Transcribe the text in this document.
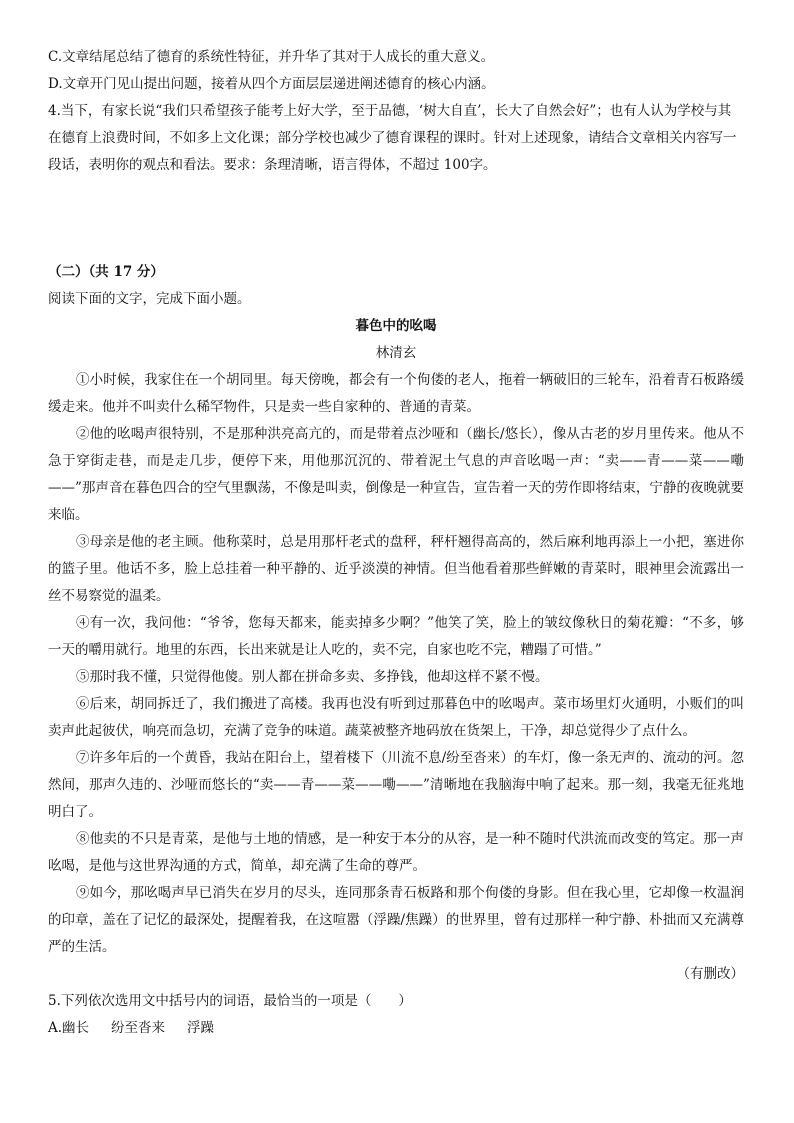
C.文章结尾总结了德育的系统性特征，并升华了其对于人成长的重大意义。

D.文章开门见山提出问题，接着从四个方面层层递进阐述德育的核心内涵。

4.当下，有家长说“我们只希望孩子能考上好大学，至于品德，‘树大自直’，长大了自然会好”；也有人认为学校与其在德育上浪费时间，不如多上文化课；部分学校也减少了德育课程的课时。针对上述现象，请结合文章相关内容写一段话，表明你的观点和看法。要求：条理清晰，语言得体，不超过 100字。

（二）（共 17 分）

阅读下面的文字，完成下面小题。

暮色中的吆喝

林清玄

①小时候，我家住在一个胡同里。每天傍晚，都会有一个佝偻的老人，拖着一辆破旧的三轮车，沿着青石板路缓缓走来。他并不叫卖什么稀罕物件，只是卖一些自家种的、普通的青菜。

②他的吆喝声很特别，不是那种洪亮高亢的，而是带着点沙哑和（幽长/悠长），像从古老的岁月里传来。他从不急于穿街走巷，而是走几步，便停下来，用他那沉沉的、带着泥土气息的声音吆喝一声：“卖——青——菜——嘞——”那声音在暮色四合的空气里飘荡，不像是叫卖，倒像是一种宣告，宣告着一天的劳作即将结束，宁静的夜晚就要来临。

③母亲是他的老主顾。他称菜时，总是用那杆老式的盘秤，秤杆翘得高高的，然后麻利地再添上一小把，塞进你的篮子里。他话不多，脸上总挂着一种平静的、近乎淡漠的神情。但当他看着那些鲜嫩的青菜时，眼神里会流露出一丝不易察觉的温柔。

④有一次，我问他：“爷爷，您每天都来，能卖掉多少啊？”他笑了笑，脸上的皱纹像秋日的菊花瓣：“不多，够一天的嚼用就行。地里的东西，长出来就是让人吃的，卖不完，自家也吃不完，糟蹋了可惜。”

⑤那时我不懂，只觉得他傻。别人都在拼命多卖、多挣钱，他却这样不紧不慢。

⑥后来，胡同拆迁了，我们搬进了高楼。我再也没有听到过那暮色中的吆喝声。菜市场里灯火通明，小贩们的叫卖声此起彼伏，响亮而急切，充满了竞争的味道。蔬菜被整齐地码放在货架上，干净，却总觉得少了点什么。

⑦许多年后的一个黄昏，我站在阳台上，望着楼下（川流不息/纷至沓来）的车灯，像一条无声的、流动的河。忽然间，那声久违的、沙哑而悠长的“卖——青——菜——嘞——”清晰地在我脑海中响了起来。那一刻，我毫无征兆地明白了。

⑧他卖的不只是青菜，是他与土地的情感，是一种安于本分的从容，是一种不随时代洪流而改变的笃定。那一声吆喝，是他与这世界沟通的方式，简单，却充满了生命的尊严。

⑨如今，那吆喝声早已消失在岁月的尽头，连同那条青石板路和那个佝偻的身影。但在我心里，它却像一枚温润的印章，盖在了记忆的最深处，提醒着我，在这喧嚣（浮躁/焦躁）的世界里，曾有过那样一种宁静、朴拙而又充满尊严的生活。

（有删改）

5.下列依次选用文中括号内的词语，最恰当的一项是（　　）

A.幽长 纷至沓来 浮躁
